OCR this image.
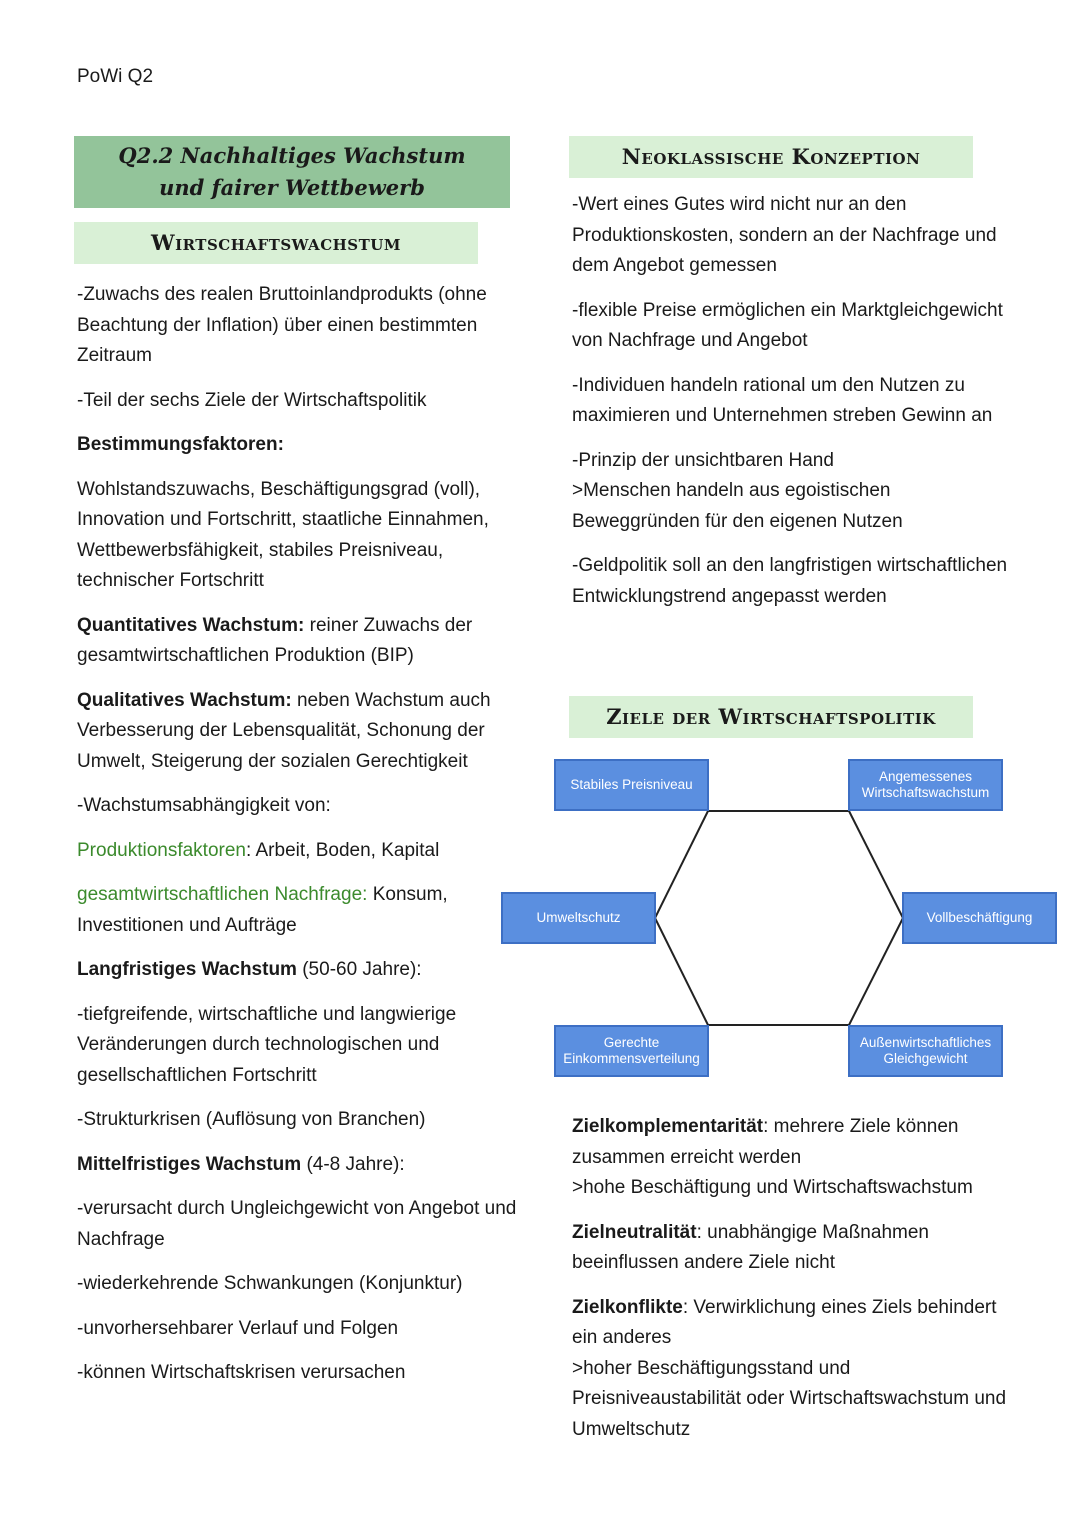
PoWi Q2
Q2.2 Nachhaltiges Wachstum
und fairer Wettbewerb
Wirtschaftswachstum

-Zuwachs des realen Bruttoinlandprodukts (ohne Beachtung der Inflation) über einen bestimmten Zeitraum

-Teil der sechs Ziele der Wirtschaftspolitik

Bestimmungsfaktoren:

Wohlstandszuwachs, Beschäftigungsgrad (voll), Innovation und Fortschritt, staatliche Einnahmen, Wettbewerbsfähigkeit, stabiles Preisniveau, technischer Fortschritt

Quantitatives Wachstum: reiner Zuwachs der gesamtwirtschaftlichen Produktion (BIP)

Qualitatives Wachstum: neben Wachstum auch Verbesserung der Lebensqualität, Schonung der Umwelt, Steigerung der sozialen Gerechtigkeit

-Wachstumsabhängigkeit von:

Produktionsfaktoren: Arbeit, Boden, Kapital

gesamtwirtschaftlichen Nachfrage: Konsum, Investitionen und Aufträge

Langfristiges Wachstum (50-60 Jahre):

-tiefgreifende, wirtschaftliche und langwierige Veränderungen durch technologischen und gesellschaftlichen Fortschritt

-Strukturkrisen (Auflösung von Branchen)

Mittelfristiges Wachstum (4-8 Jahre):

-verursacht durch Ungleichgewicht von Angebot und Nachfrage

-wiederkehrende Schwankungen (Konjunktur)

-unvorhersehbarer Verlauf und Folgen

-können Wirtschaftskrisen verursachen

Neoklassische Konzeption

-Wert eines Gutes wird nicht nur an den Produktionskosten, sondern an der Nachfrage und dem Angebot gemessen

-flexible Preise ermöglichen ein Marktgleichgewicht von Nachfrage und Angebot

-Individuen handeln rational um den Nutzen zu maximieren und Unternehmen streben Gewinn an

-Prinzip der unsichtbaren Hand
>Menschen handeln aus egoistischen Beweggründen für den eigenen Nutzen

-Geldpolitik soll an den langfristigen wirtschaftlichen Entwicklungstrend angepasst werden

Ziele der Wirtschaftspolitik
Stabiles Preisniveau
Angemessenes Wirtschaftswachstum
Umweltschutz	Vollbeschäftigung
Gerechte Einkommensverteilung
Außenwirtschaftliches Gleichgewicht

Zielkomplementarität: mehrere Ziele können zusammen erreicht werden
>hohe Beschäftigung und Wirtschaftswachstum

Zielneutralität: unabhängige Maßnahmen beeinflussen andere Ziele nicht

Zielkonflikte: Verwirklichung eines Ziels behindert ein anderes
>hoher Beschäftigungsstand und Preisniveaustabilität oder Wirtschaftswachstum und Umweltschutz
